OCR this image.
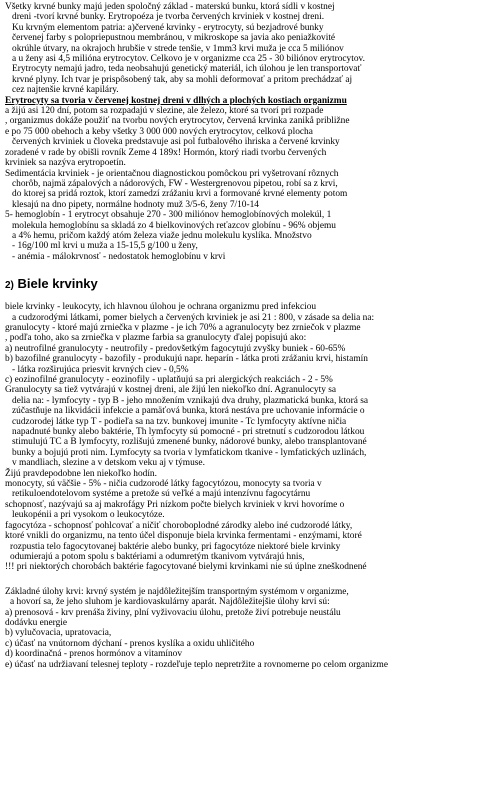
Všetky krvné bunky majú jeden spoločný základ - materskú bunku, ktorá sídli v kostnej

dreni -tvorí krvné bunky. Erytropoéza je tvorba červených krviniek v kostnej dreni.

Ku krvným elementom patria: a)červené krvinky - erytrocyty, sú bezjadrové bunky

červenej farby s polopriepustnou membránou, v mikroskope sa javia ako peniažkovité

okrúhle útvary, na okrajoch hrubšie v strede tenšie, v 1mm3 krvi muža je cca 5 miliónov

a u ženy asi 4,5 milióna erytrocytov. Celkovo je v organizme cca 25 - 30 biliónov erytrocytov.

Erytrocyty nemajú jadro, teda neobsahujú genetický materiál, ich úlohou je len transportovať

krvné plyny. Ich tvar je prispôsobený tak, aby sa mohli deformovať a pritom prechádzať aj

cez najtenšie krvné kapiláry.

Erytrocyty sa tvoria v červenej kostnej dreni v dlhých a plochých kostiach organizmu

a žijú asi 120 dní, potom sa rozpadajú v slezine, ale železo, ktoré sa tvorí pri rozpade

, organizmus dokáže použiť na tvorbu nových erytrocytov, červená krvinka zanikå približne

e po 75 000 obehoch a keby všetky 3 000 000 nových erytrocytov, celková plocha

červených krviniek u človeka predstavuje asi pol futbalového ihriska a červené krvinky

zoradené v rade by obišli rovník Zeme 4 189x! Hormón, ktorý riadi tvorbu červených

krviniek sa nazýva erytropoetín.

Sedimentácia krviniek - je orientačnou diagnostickou pomôckou pri vyšetrovaní rôznych

chorôb, najmä zápalových a nádorových, FW - Westergrenovou pipetou, robí sa z krvi,

do ktorej sa pridá roztok, ktorí zamedzí zrážaniu krvi a formované krvné elementy potom

klesajú na dno pipety, normálne hodnoty muž 3/5-6, ženy 7/10-14

5- hemoglobín - 1 erytrocyt obsahuje 270 - 300 miliónov hemoglobínových molekúl, 1

molekula hemoglobínu sa skladá zo 4 bielkovinových reťazcov globínu - 96% objemu

a 4% hemu, pričom každý atóm železa viaže jednu molekulu kyslíka. Množstvo

- 16g/100 ml krvi u muža a 15-15,5 g/100 u ženy,

- anémia - málokrvnosť - nedostatok hemoglobínu v krvi

2) Biele krvinky

biele krvinky - leukocyty, ich hlavnou úlohou je ochrana organizmu pred infekciou

a cudzorodými látkami, pomer bielych a červených krviniek je asi 21 : 800, v zásade sa delia na:

granulocyty - ktoré majú zrniečka v plazme - je ich 70% a agranulocyty bez zrniečok v plazme

, podľa toho, ako sa zrniečka v plazme farbia sa granulocyty ďalej popisujú ako:

a) neutrofilné granulocyty - neutrofily - predovšetkým fagocytujú zvyšky buniek - 60-65%

b) bazofilné granulocyty - bazofily - produkujú napr. heparín - látka proti zrážaniu krvi, histamín

- látka rozširujúca priesvit krvných ciev - 0,5%

c) eozinofilné granulocyty - eozinofily - uplatňujú sa pri alergických reakciách - 2 - 5%

Granulocyty sa tiež vytvárajú v kostnej dreni, ale žijú len niekoľko dní. Agranulocyty sa

delia na: - lymfocyty - typ B - jeho množením vznikajú dva druhy, plazmatická bunka, ktorá sa

zúčastňuje na likvidácii infekcie a pamäťová bunka, ktorá nestáva pre uchovanie informácie o

cudzorodej látke typ T - podieľa sa na tzv. bunkovej imunite - Tc lymfocyty aktívne ničia

napadnuté bunky alebo baktérie, Th lymfocyty sú pomocné - pri stretnutí s cudzorodou látkou

stimulujú TC a B lymfocyty, rozlišujú zmenené bunky, nádorové bunky, alebo transplantované

bunky a bojujú proti nim. Lymfocyty sa tvoria v lymfatickom tkanive - lymfatických uzlinách,

v mandliach, slezine a v detskom veku aj v týmuse.

Žijú pravdepodobne len niekoľko hodín.

monocyty, sú väčšie - 5% - ničia cudzorodé látky fagocytózou, monocyty sa tvoria v

retikuloendotelovom systéme a pretože sú veľké a majú intenzívnu fagocytárnu

schopnosť, nazývajú sa aj makrofágy Pri nízkom počte bielych krviniek v krvi hovoríme o

leukopénii a pri vysokom o leukocytóze.

fagocytóza - schopnosť pohlcovať a ničiť choroboplodné zárodky alebo iné cudzorodé látky,

ktoré vnikli do organizmu, na tento účel disponuje biela krvinka fermentami - enzýmami, ktoré

rozpustia telo fagocytovanej baktérie alebo bunky, pri fagocytóze niektoré biele krvinky

odumierajú a potom spolu s baktériami a odumretým tkanivom vytvárajú hnis,

!!! pri niektorých chorobách baktérie fagocytované bielymi krvinkami nie sú úplne zneškodnené

Základné úlohy krvi: krvný systém je najdôležitejším transportným systémom v organizme,

a hovorí sa, že jeho sluhom je kardiovaskulárny aparát. Najdôležitejšie úlohy krvi sú:

a) prenosová - krv prenáša živiny, plní vyživovaciu úlohu, pretože živí potrebuje neustálu

dodávku energie

b) vylučovacia, upratovacia,

c) účasť na vnútornom dýchaní - prenos kyslíka a oxidu uhličitého

d) koordinačná - prenos hormónov a vitamínov

e) účasť na udržiavaní telesnej teploty - rozdeľuje teplo nepretržite a rovnomerne po celom organizme
